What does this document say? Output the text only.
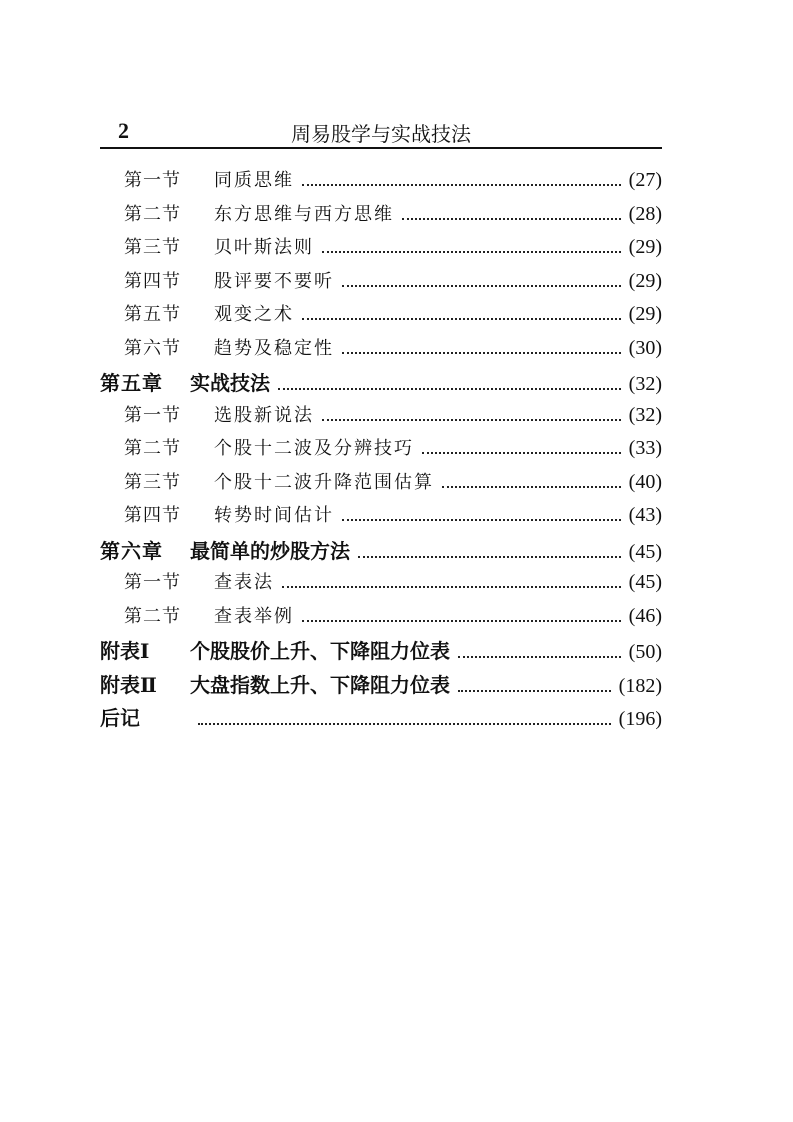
2	周易股学与实战技法
第一节	同质思维	(27)
第二节	东方思维与西方思维	(28)
第三节	贝叶斯法则	(29)
第四节	股评要不要听	(29)
第五节	观变之术	(29)
第六节	趋势及稳定性	(30)
第五章	实战技法	(32)
第一节	选股新说法	(32)
第二节	个股十二波及分辨技巧	(33)
第三节	个股十二波升降范围估算	(40)
第四节	转势时间估计	(43)
第六章	最简单的炒股方法	(45)
第一节	查表法	(45)
第二节	查表举例	(46)
附表Ⅰ	个股股价上升、下降阻力位表	(50)
附表Ⅱ	大盘指数上升、下降阻力位表	(182)
后记	(196)
